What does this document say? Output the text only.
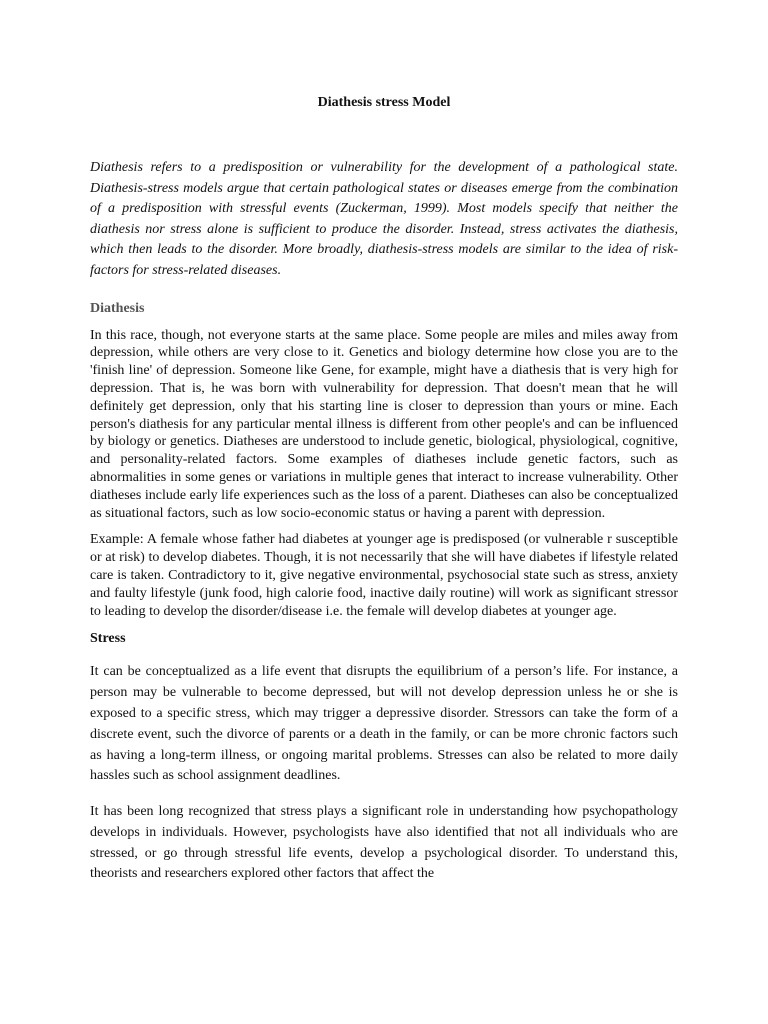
Diathesis stress Model

Diathesis refers to a predisposition or vulnerability for the development of a pathological state. Diathesis-stress models argue that certain pathological states or diseases emerge from the combination of a predisposition with stressful events (Zuckerman, 1999). Most models specify that neither the diathesis nor stress alone is sufficient to produce the disorder. Instead, stress activates the diathesis, which then leads to the disorder. More broadly, diathesis-stress models are similar to the idea of risk-factors for stress-related diseases.

Diathesis

In this race, though, not everyone starts at the same place. Some people are miles and miles away from depression, while others are very close to it. Genetics and biology determine how close you are to the 'finish line' of depression. Someone like Gene, for example, might have a diathesis that is very high for depression. That is, he was born with vulnerability for depression. That doesn't mean that he will definitely get depression, only that his starting line is closer to depression than yours or mine. Each person's diathesis for any particular mental illness is different from other people's and can be influenced by biology or genetics. Diatheses are understood to include genetic, biological, physiological, cognitive, and personality-related factors. Some examples of diatheses include genetic factors, such as abnormalities in some genes or variations in multiple genes that interact to increase vulnerability. Other diatheses include early life experiences such as the loss of a parent. Diatheses can also be conceptualized as situational factors, such as low socio-economic status or having a parent with depression.

Example: A female whose father had diabetes at younger age is predisposed (or vulnerable r susceptible or at risk) to develop diabetes. Though, it is not necessarily that she will have diabetes if lifestyle related care is taken. Contradictory to it, give negative environmental, psychosocial state such as stress, anxiety and faulty lifestyle (junk food, high calorie food, inactive daily routine) will work as significant stressor to leading to develop the disorder/disease i.e. the female will develop diabetes at younger age.

Stress

It can be conceptualized as a life event that disrupts the equilibrium of a person’s life. For instance, a person may be vulnerable to become depressed, but will not develop depression unless he or she is exposed to a specific stress, which may trigger a depressive disorder. Stressors can take the form of a discrete event, such the divorce of parents or a death in the family, or can be more chronic factors such as having a long-term illness, or ongoing marital problems. Stresses can also be related to more daily hassles such as school assignment deadlines.

It has been long recognized that stress plays a significant role in understanding how psychopathology develops in individuals. However, psychologists have also identified that not all individuals who are stressed, or go through stressful life events, develop a psychological disorder. To understand this, theorists and researchers explored other factors that affect the
